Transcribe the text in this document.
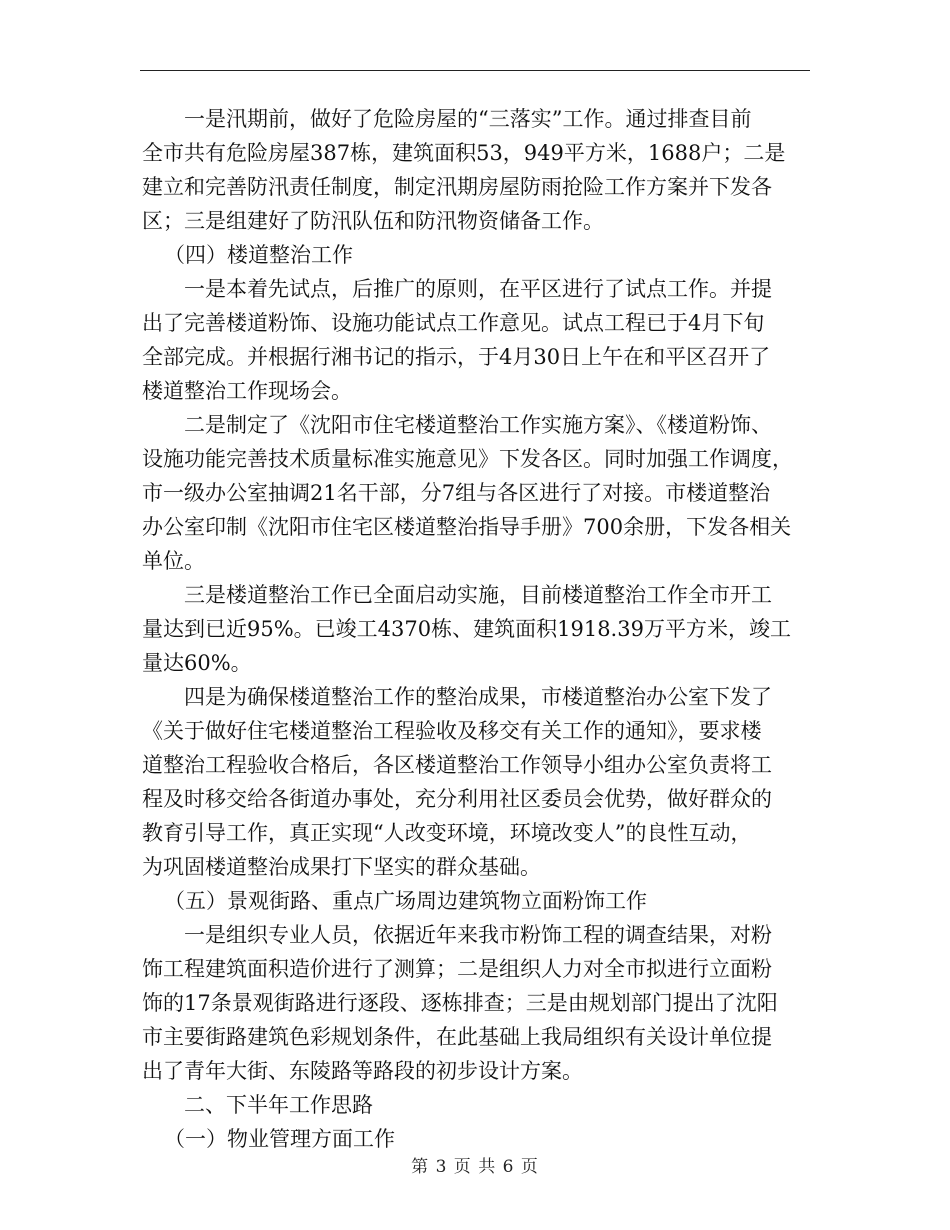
一是汛期前，做好了危险房屋的“三落实”工作。通过排查目前
全市共有危险房屋387栋，建筑面积53，949平方米，1688户；二是
建立和完善防汛责任制度，制定汛期房屋防雨抢险工作方案并下发各
区；三是组建好了防汛队伍和防汛物资储备工作。
（四）楼道整治工作
一是本着先试点，后推广的原则，在平区进行了试点工作。并提
出了完善楼道粉饰、设施功能试点工作意见。试点工程已于4月下旬
全部完成。并根据行湘书记的指示，于4月30日上午在和平区召开了
楼道整治工作现场会。
二是制定了《沈阳市住宅楼道整治工作实施方案》、《楼道粉饰、
设施功能完善技术质量标准实施意见》下发各区。同时加强工作调度，
市一级办公室抽调21名干部，分7组与各区进行了对接。市楼道整治
办公室印制《沈阳市住宅区楼道整治指导手册》700余册，下发各相关
单位。
三是楼道整治工作已全面启动实施，目前楼道整治工作全市开工
量达到已近95%。已竣工4370栋、建筑面积1918.39万平方米，竣工
量达60%。
四是为确保楼道整治工作的整治成果，市楼道整治办公室下发了
《关于做好住宅楼道整治工程验收及移交有关工作的通知》，要求楼
道整治工程验收合格后，各区楼道整治工作领导小组办公室负责将工
程及时移交给各街道办事处，充分利用社区委员会优势，做好群众的
教育引导工作，真正实现“人改变环境，环境改变人”的良性互动，
为巩固楼道整治成果打下坚实的群众基础。
（五）景观街路、重点广场周边建筑物立面粉饰工作
一是组织专业人员，依据近年来我市粉饰工程的调查结果，对粉
饰工程建筑面积造价进行了测算；二是组织人力对全市拟进行立面粉
饰的17条景观街路进行逐段、逐栋排查；三是由规划部门提出了沈阳
市主要街路建筑色彩规划条件，在此基础上我局组织有关设计单位提
出了青年大街、东陵路等路段的初步设计方案。
二、下半年工作思路
（一）物业管理方面工作
第 3 页 共 6 页
